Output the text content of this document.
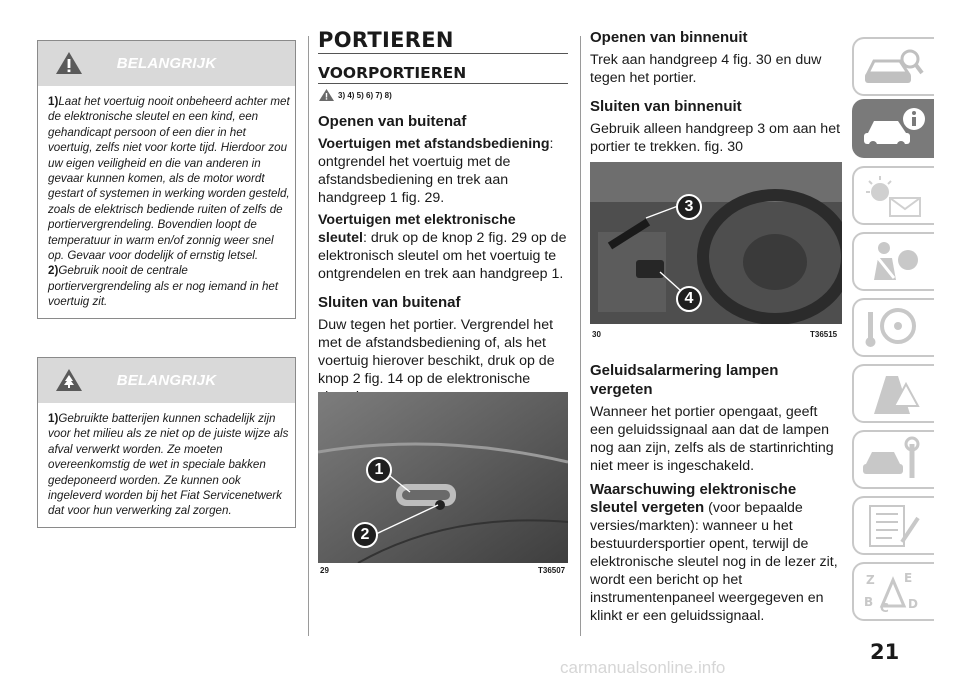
BELANGRIJK

1)Laat het voertuig nooit onbeheerd achter met de elektronische sleutel en een kind, een gehandicapt persoon of een dier in het voertuig, zelfs niet voor korte tijd. Hierdoor zou uw eigen veiligheid en die van anderen in gevaar kunnen komen, als de motor wordt gestart of systemen in werking worden gesteld, zoals de elektrisch bediende ruiten of zelfs de portiervergrendeling. Bovendien loopt de temperatuur in warm en/of zonnig weer snel op. Gevaar voor dodelijk of ernstig letsel.

2)Gebruik nooit de centrale portiervergrendeling als er nog iemand in het voertuig zit.

BELANGRIJK

1)Gebruikte batterijen kunnen schadelijk zijn voor het milieu als ze niet op de juiste wijze als afval verwerkt worden. Ze moeten overeenkomstig de wet in speciale bakken gedeponeerd worden. Ze kunnen ook ingeleverd worden bij het Fiat Servicenetwerk dat voor hun verwerking zal zorgen.

PORTIEREN
VOORPORTIEREN
3) 4) 5) 6) 7) 8)
Openen van buitenaf
Voertuigen met afstandsbediening: ontgrendel het voertuig met de afstandsbediening en trek aan handgreep 1 fig. 29.
Voertuigen met elektronische sleutel: druk op de knop 2 fig. 29 op de elektronisch sleutel om het voertuig te ontgrendelen en trek aan handgreep 1.
Sluiten van buitenaf
Duw tegen het portier. Vergrendel het met de afstandsbediening of, als het voertuig hierover beschikt, druk op de knop 2 fig. 14 op de elektronische
1
2
29	T36507
Openen van binnenuit
Trek aan handgreep 4 fig. 30 en duw tegen het portier.
Sluiten van binnenuit
Gebruik alleen handgreep 3 om aan het portier te trekken. fig. 30
3
4
30	T36515
Geluidsalarmering lampen vergeten
Wanneer het portier opengaat, geeft een geluidssignaal aan dat de lampen nog aan zijn, zelfs als de startinrichting niet meer is ingeschakeld.
Waarschuwing elektronische sleutel vergeten (voor bepaalde versies/markten): wanneer u het bestuurdersportier opent, terwijl de elektronische sleutel nog in de lezer zit, wordt een bericht op het instrumentenpaneel weergegeven en klinkt er een geluidssignaal.
Z E
B C D
21
carmanualsonline.info
